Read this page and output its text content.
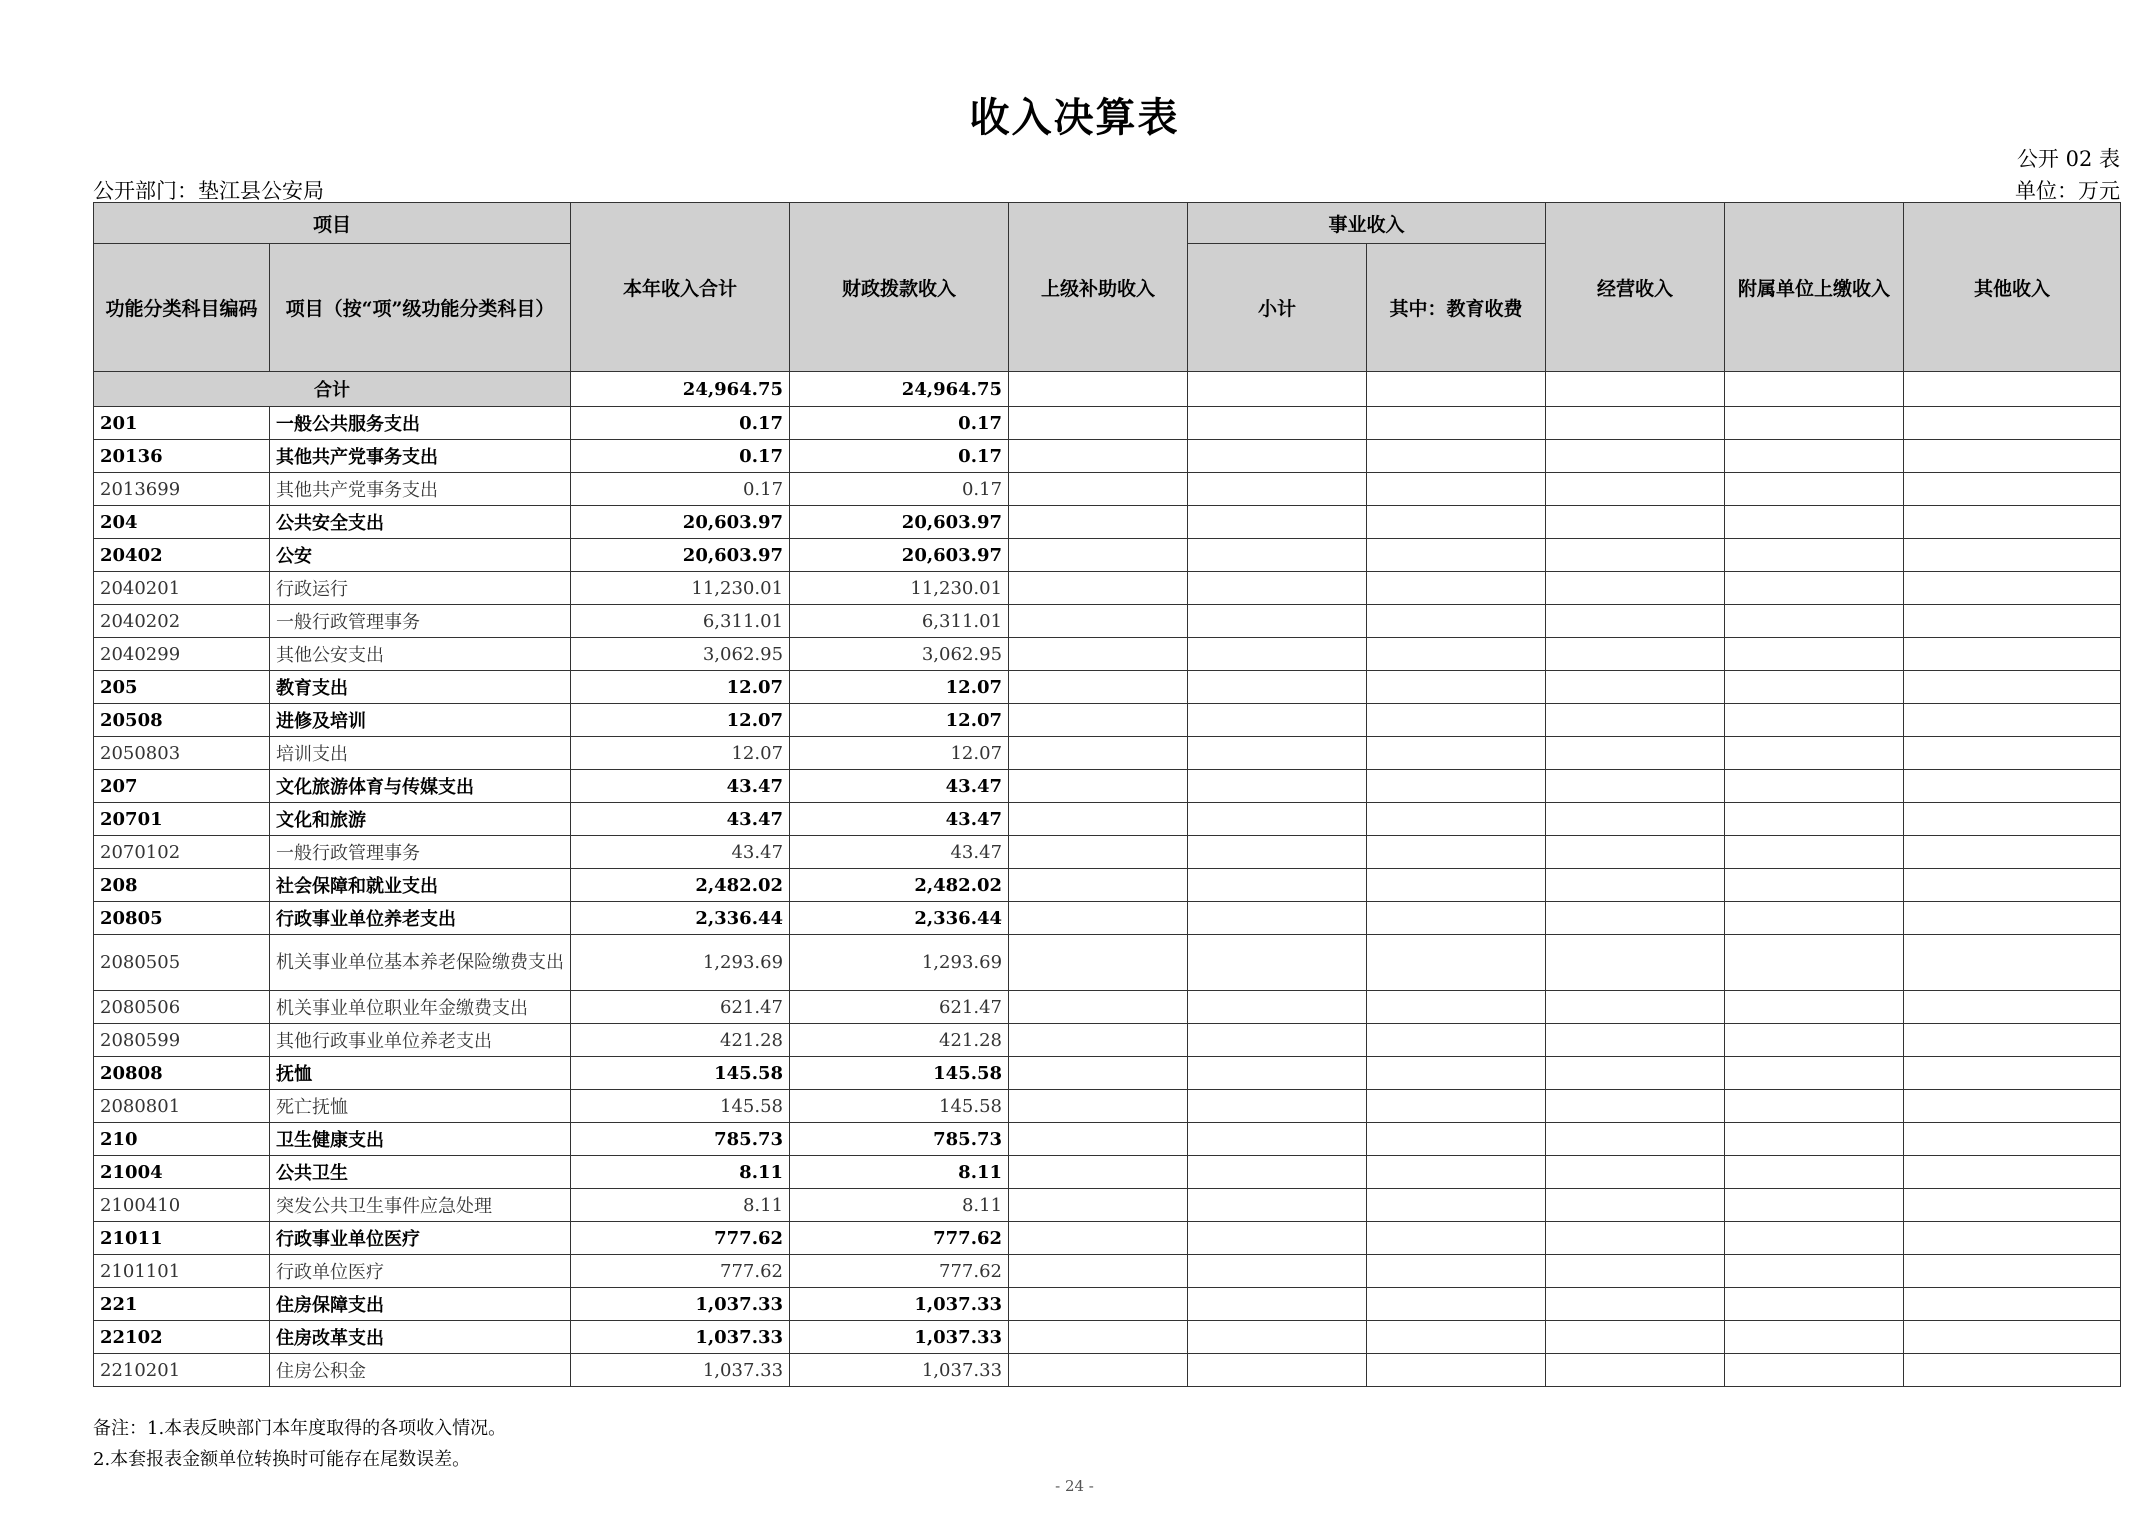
收入决算表
公开 02 表
公开部门：垫江县公安局	单位：万元
项目		本年收入合计	财政拨款收入	上级补助收入	事业收入		经营收入	附属单位上缴收入	其他收入
功能分类科目编码	项目（按“项”级功能分类科目）				小计	其中：教育收费			
合计		24,964.75	24,964.75						
201	一般公共服务支出	0.17	0.17						
20136	其他共产党事务支出	0.17	0.17						
2013699	其他共产党事务支出	0.17	0.17						
204	公共安全支出	20,603.97	20,603.97						
20402	公安	20,603.97	20,603.97						
2040201	行政运行	11,230.01	11,230.01						
2040202	一般行政管理事务	6,311.01	6,311.01						
2040299	其他公安支出	3,062.95	3,062.95						
205	教育支出	12.07	12.07						
20508	进修及培训	12.07	12.07						
2050803	培训支出	12.07	12.07						
207	文化旅游体育与传媒支出	43.47	43.47						
20701	文化和旅游	43.47	43.47						
2070102	一般行政管理事务	43.47	43.47						
208	社会保障和就业支出	2,482.02	2,482.02						
20805	行政事业单位养老支出	2,336.44	2,336.44						
2080505	机关事业单位基本养老保险缴费支出	1,293.69	1,293.69						
2080506	机关事业单位职业年金缴费支出	621.47	621.47						
2080599	其他行政事业单位养老支出	421.28	421.28						
20808	抚恤	145.58	145.58						
2080801	死亡抚恤	145.58	145.58						
210	卫生健康支出	785.73	785.73						
21004	公共卫生	8.11	8.11						
2100410	突发公共卫生事件应急处理	8.11	8.11						
21011	行政事业单位医疗	777.62	777.62						
2101101	行政单位医疗	777.62	777.62						
221	住房保障支出	1,037.33	1,037.33						
22102	住房改革支出	1,037.33	1,037.33						
2210201	住房公积金	1,037.33	1,037.33						
备注：1.本表反映部门本年度取得的各项收入情况。
2.本套报表金额单位转换时可能存在尾数误差。
- 24 -
